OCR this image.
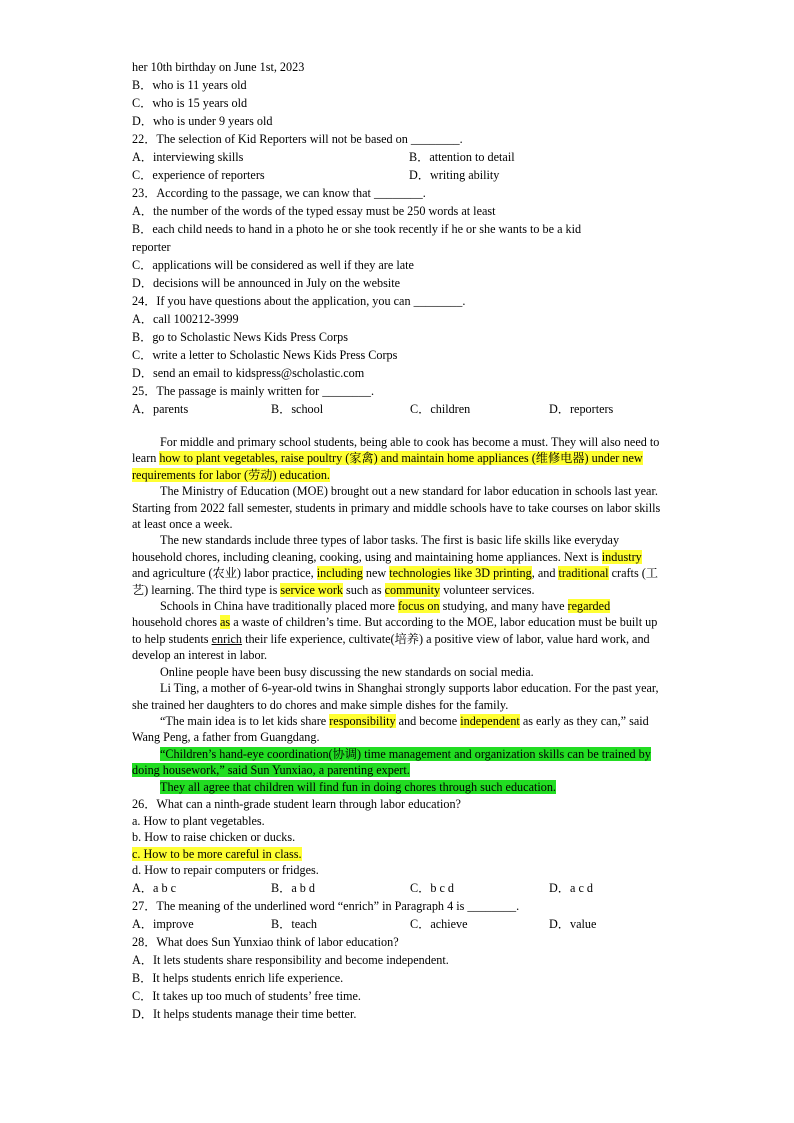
her 10th birthday on June 1st, 2023
B．who is 11 years old
C．who is 15 years old
D．who is under 9 years old
22．The selection of Kid Reporters will not be based on ________.
A．interviewing skills	B．attention to detail
C．experience of reporters	D．writing ability
23．According to the passage, we can know that ________.
A．the number of the words of the typed essay must be 250 words at least
B．each child needs to hand in a photo he or she took recently if he or she wants to be a kid
reporter
C．applications will be considered as well if they are late
D．decisions will be announced in July on the website
24．If you have questions about the application, you can ________.
A．call 100212-3999
B．go to Scholastic News Kids Press Corps
C．write a letter to Scholastic News Kids Press Corps
D．send an email to kidspress@scholastic.com
25．The passage is mainly written for ________.
A．parents	B．school	C．children	D．reporters
For middle and primary school students, being able to cook has become a must. They will also need to learn how to plant vegetables, raise poultry (家禽) and maintain home appliances (维修电器) under new requirements for labor (劳动) education.
The Ministry of Education (MOE) brought out a new standard for labor education in schools last year. Starting from 2022 fall semester, students in primary and middle schools have to take courses on labor skills at least once a week.
The new standards include three types of labor tasks. The first is basic life skills like everyday household chores, including cleaning, cooking, using and maintaining home appliances. Next is industry and agriculture (农业) labor practice, including new technologies like 3D printing, and traditional crafts (工艺) learning. The third type is service work such as community volunteer services.
Schools in China have traditionally placed more focus on studying, and many have regarded household chores as a waste of children’s time. But according to the MOE, labor education must be built up to help students enrich their life experience, cultivate(培养) a positive view of labor, value hard work, and develop an interest in labor.
Online people have been busy discussing the new standards on social media.
Li Ting, a mother of 6-year-old twins in Shanghai strongly supports labor education. For the past year, she trained her daughters to do chores and make simple dishes for the family.
“The main idea is to let kids share responsibility and become independent as early as they can,” said Wang Peng, a father from Guangdang.
“Children’s hand-eye coordination(协调) time management and organization skills can be trained by doing housework,” said Sun Yunxiao, a parenting expert.
They all agree that children will find fun in doing chores through such education.
26．What can a ninth-grade student learn through labor education?
a. How to plant vegetables.
b. How to raise chicken or ducks.
c. How to be more careful in class.
d. How to repair computers or fridges.
A．a b c	B．a b d	C．b c d	D．a c d
27．The meaning of the underlined word “enrich” in Paragraph 4 is ________.
A．improve	B．teach	C．achieve	D．value
28．What does Sun Yunxiao think of labor education?
A．It lets students share responsibility and become independent.
B．It helps students enrich life experience.
C．It takes up too much of students’ free time.
D．It helps students manage their time better.
